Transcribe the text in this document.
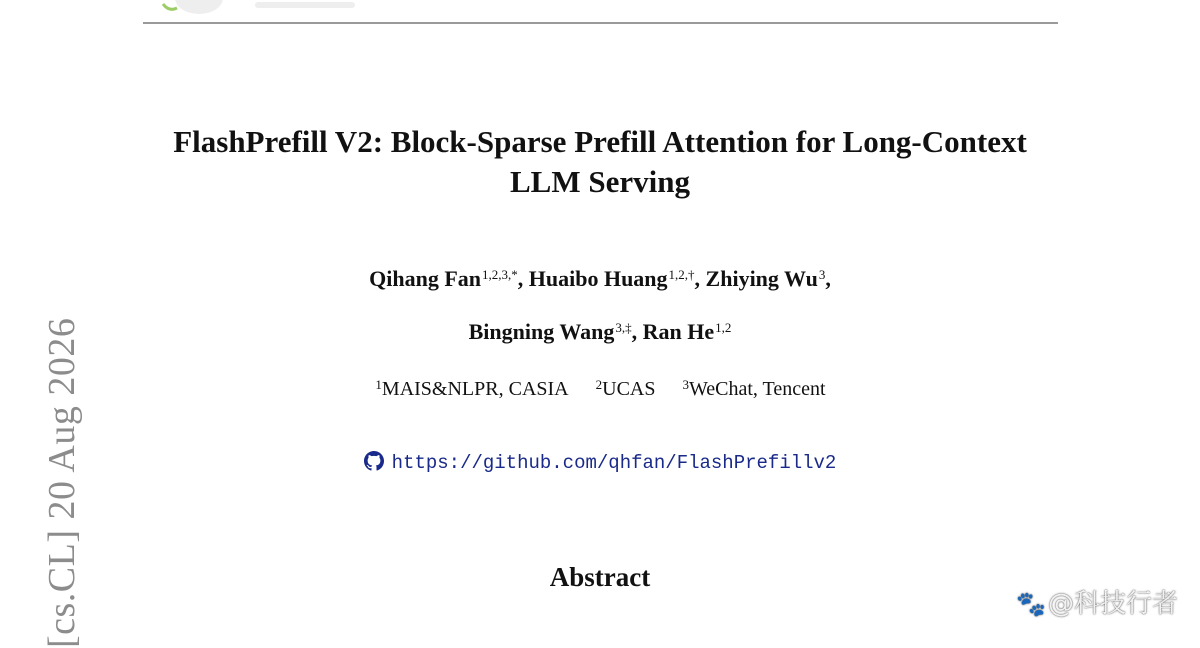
FlashPrefill V2: Block-Sparse Prefill Attention for Long-Context
LLM Serving
Qihang Fan$^{1,2,3,*}$, Huaibo Huang$^{1,2,\dagger}$, Zhiying Wu$^3$,
Bingning Wang$^{3,\ddagger}$, Ran He$^{1,2}$
$^1$MAIS&NLPR, CASIA $^2$UCAS $^3$WeChat, Tencent
https://github.com/qhfan/FlashPrefillv2
Abstract
[cs.CL] 20 Aug 2026	🐾@科技行者
